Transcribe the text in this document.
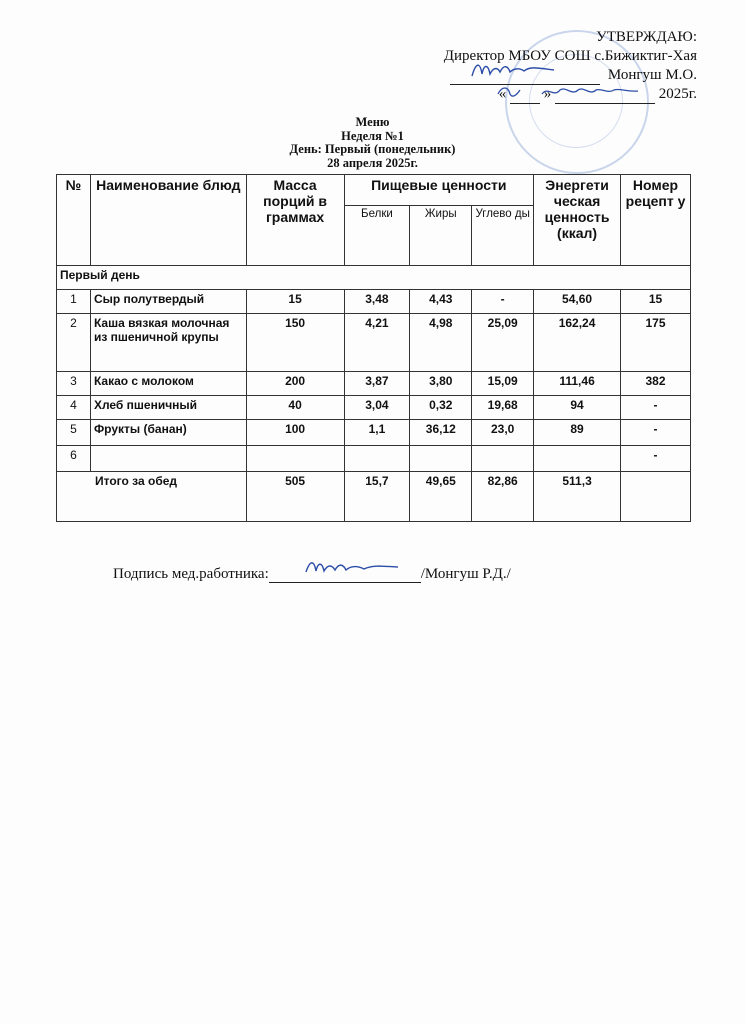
УТВЕРЖДАЮ:
Директор МБОУ СОШ с.Бижиктиг-Хая
Монгуш М.О.
«	»	2025г.
Меню
Неделя №1
День: Первый (понедельник)
28 апреля 2025г.
№	Наименование блюд	Масса порций в граммах	Пищевые ценности			Энергети ческая ценность (ккал)	Номер рецепт у
			Белки	Жиры	Углево ды		
Первый день							
1	Сыр полутвердый	15	3,48	4,43	-	54,60	15
2	Каша вязкая молочная из пшеничной крупы	150	4,21	4,98	25,09	162,24	175
3	Какао с молоком	200	3,87	3,80	15,09	111,46	382
4	Хлеб пшеничный	40	3,04	0,32	19,68	94	-
5	Фрукты (банан)	100	1,1	36,12	23,0	89	-
6							-
Итого за обед		505	15,7	49,65	82,86	511,3	
Подпись мед.работника:	/Монгуш Р.Д./
